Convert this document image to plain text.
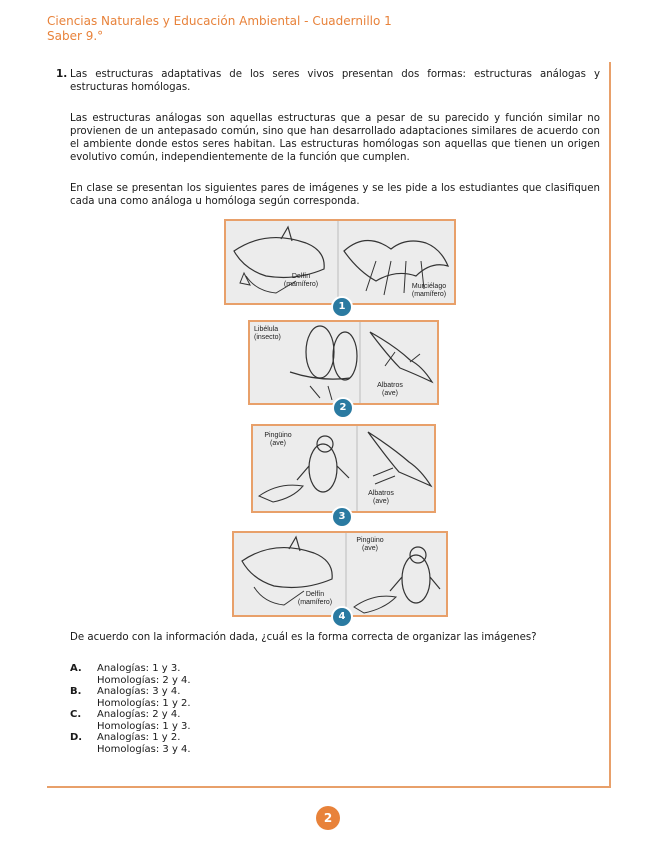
Ciencias Naturales y Educación Ambiental - Cuadernillo 1
Saber 9.°
1. Las estructuras adaptativas de los seres vivos presentan dos formas: estructuras análogas y estructuras homólogas.
Las estructuras análogas son aquellas estructuras que a pesar de su parecido y función similar no provienen de un antepasado común, sino que han desarrollado adaptaciones similares de acuerdo con el ambiente donde estos seres habitan. Las estructuras homólogas son aquellas que tienen un origen evolutivo común, independientemente de la función que cumplen.
En clase se presentan los siguientes pares de imágenes y se les pide a los estudiantes que clasifiquen cada una como análoga u homóloga según corresponda.
Delfín
(mamífero)	Murciélago
(mamífero)
1
Libélula
(insecto)
Albatros
(ave)
2
Pingüino
(ave)
Albatros
(ave)
3
Delfín
(mamífero)
Pingüino
(ave)
4
De acuerdo con la información dada, ¿cuál es la forma correcta de organizar las imágenes?
A.	Analogías: 1 y 3.
Homologías: 2 y 4.
B.	Analogías: 3 y 4.
Homologías: 1 y 2.
C.	Analogías: 2 y 4.
Homologías: 1 y 3.
D.	Analogías: 1 y 2.
Homologías: 3 y 4.
2
